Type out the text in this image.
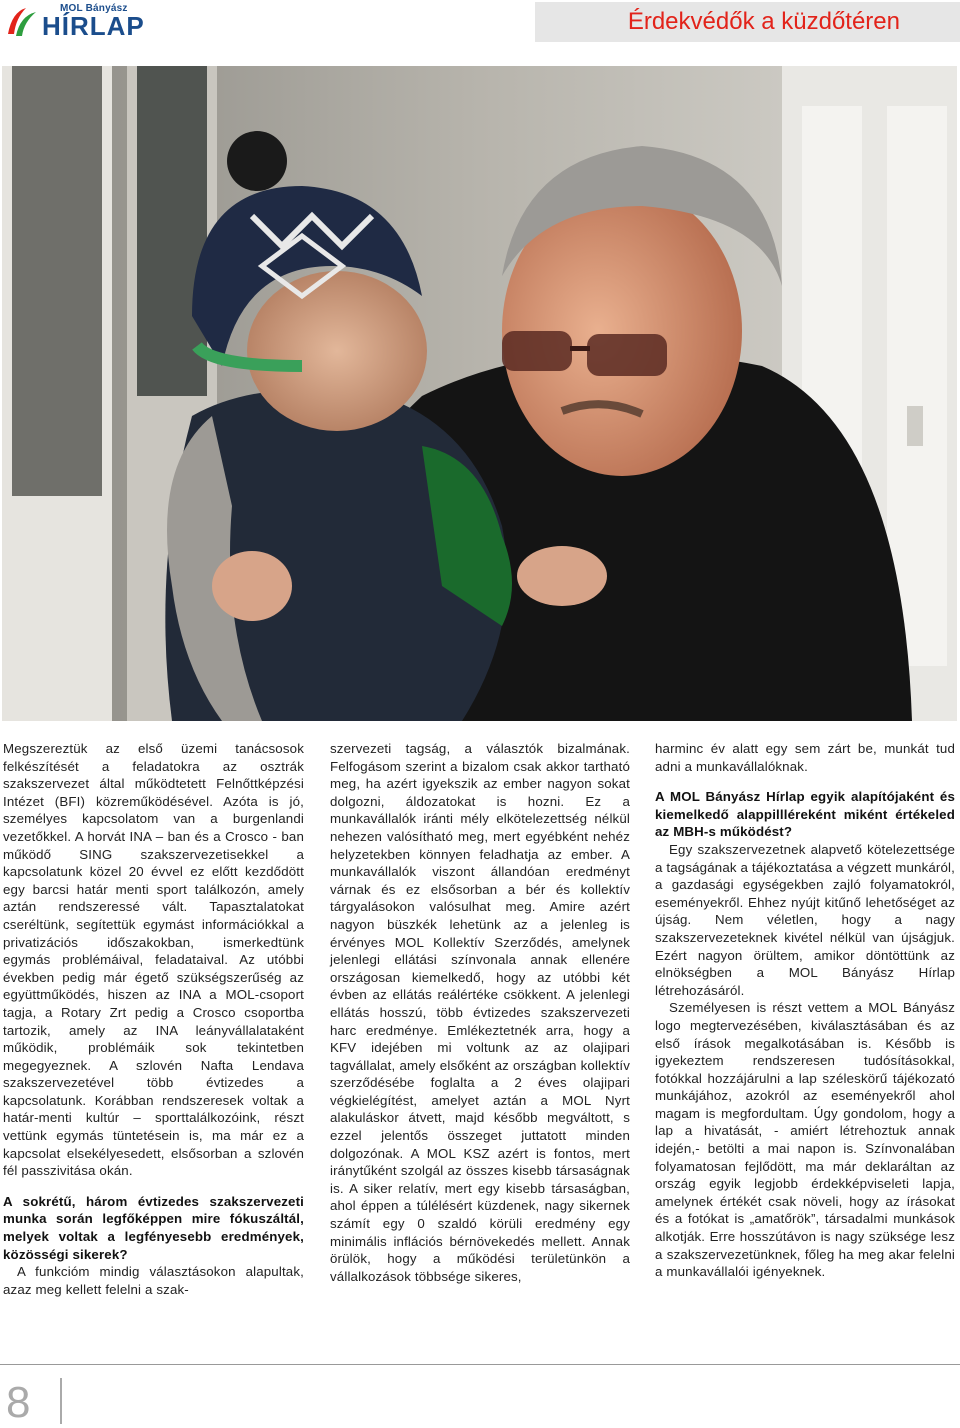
MOL Bányász
HÍRLAP	Érdekvédők a küzdőtéren

Megszereztük az első üzemi tanácsosok felkészítését a feladatokra az osztrák szakszervezet által működtetett Felnőttképzési Intézet (BFI) közreműködésével. Azóta is jó, személyes kapcsolatom van a burgenlandi vezetőkkel. A horvát INA – ban és a Crosco - ban működő SING szakszervezetisekkel a kapcsolatunk közel 20 évvel ez előtt kezdődött egy barcsi határ menti sport találkozón, amely aztán rendszeressé vált. Tapasztalatokat cseréltünk, segítettük egymást információkkal a privatizációs időszakokban, ismerkedtünk egymás problémáival, feladataival. Az utóbbi években pedig már égető szükségszerűség az együttműködés, hiszen az INA a MOL-csoport tagja, a Rotary Zrt pedig a Crosco csoportba tartozik, amely az INA leányvállalataként működik, problémáik sok tekintetben megegyeznek. A szlovén Nafta Lendava szakszervezetével több évtizedes a kapcsolatunk. Korábban rendszeresek voltak a határ-menti kultúr – sporttalálkozóink, részt vettünk egymás tüntetésein is, ma már ez a kapcsolat elsekélyesedett, elsősorban a szlovén fél passzivitása okán.

A sokrétű, három évtizedes szakszervezeti munka során legfőképpen mire fókuszáltál, melyek voltak a legfényesebb eredmények, közösségi sikerek?

A funkcióm mindig választásokon alapultak, azaz meg kellett felelni a szak-

szervezeti tagság, a választók bizalmának. Felfogásom szerint a bizalom csak akkor tartható meg, ha azért igyekszik az ember nagyon sokat dolgozni, áldozatokat is hozni. Ez a munkavállalók iránti mély elkötelezettség nélkül nehezen valósítható meg, mert egyébként nehéz helyzetekben könnyen feladhatja az ember. A munkavállalók viszont állandóan eredményt várnak és ez elsősorban a bér és kollektív tárgyalásokon valósulhat meg. Amire azért nagyon büszkék lehetünk az a jelenleg is érvényes MOL Kollektív Szerződés, amelynek jelenlegi ellátási színvonala annak ellenére országosan kiemelkedő, hogy az utóbbi két évben az ellátás reálértéke csökkent. A jelenlegi ellátás hosszú, több évtizedes szakszervezeti harc eredménye. Emlékeztetnék arra, hogy a KFV idejében mi voltunk az az olajipari tagvállalat, amely elsőként az országban kollektív szerződésébe foglalta a 2 éves olajipari végkielégítést, amelyet aztán a MOL Nyrt alakuláskor átvett, majd később megváltott, s ezzel jelentős összeget juttatott minden dolgozónak. A MOL KSZ azért is fontos, mert iránytűként szolgál az összes kisebb társaságnak is. A siker relatív, mert egy kisebb társaságban, ahol éppen a túlélésért küzdenek, nagy sikernek számít egy 0 szaldó körüli eredmény egy minimális inflációs bérnövekedés mellett. Annak örülök, hogy a működési területünkön a vállalkozások többsége sikeres,

harminc év alatt egy sem zárt be, munkát tud adni a munkavállalóknak.

A MOL Bányász Hírlap egyik alapítójaként és kiemelkedő alappillléreként miként értékeled az MBH-s működést?

Egy szakszervezetnek alapvető kötelezettsége a tagságának a tájékoztatása a végzett munkáról, a gazdasági egységekben zajló folyamatokról, eseményekről. Ehhez nyújt kitűnő lehetőséget az újság. Nem véletlen, hogy a nagy szakszervezeteknek kivétel nélkül van újságjuk. Ezért nagyon örültem, amikor döntöttünk az elnökségben a MOL Bányász Hírlap létrehozásáról.

Személyesen is részt vettem a MOL Bányász logo megtervezésében, kiválasztásában és az első írások megalkotásában is. Később is igyekeztem rendszeresen tudósításokkal, fotókkal hozzájárulni a lap széleskörű tájékozató munkájához, azokról az eseményekről ahol magam is megfordultam. Úgy gondolom, hogy a lap a hivatását, - amiért létrehoztuk annak idején,- betölti a mai napon is. Színvonalában folyamatosan fejlődött, ma már deklaráltan az ország egyik legjobb érdekképviseleti lapja, amelynek értékét csak növeli, hogy az írásokat és a fotókat is „amatőrök”, társadalmi munkások alkotják. Erre hosszútávon is nagy szüksége lesz a szakszervezetünknek, főleg ha meg akar felelni a munkavállalói igényeknek.

8
